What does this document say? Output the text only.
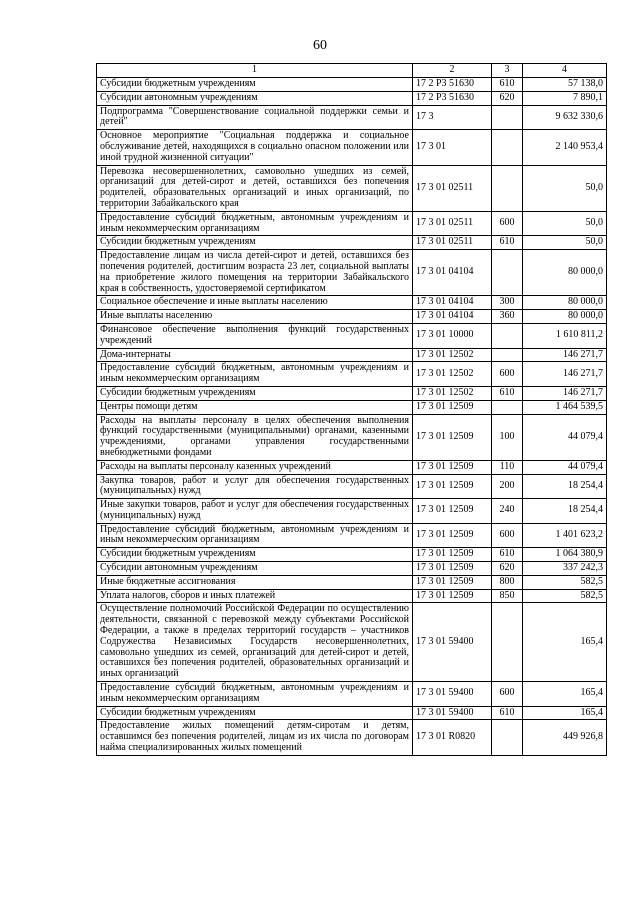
60
1	2	3	4
Субсидии бюджетным учреждениям	17 2 P3 51630	610	57 138,0
Субсидии автономным учреждениям	17 2 P3 51630	620	7 890,1
Подпрограмма "Совершенствование социальной поддержки семьи и детей"	17 3		9 632 330,6
Основное мероприятие "Социальная поддержка и социальное обслуживание детей, находящихся в социально опасном положении или иной трудной жизненной ситуации"	17 3 01		2 140 953,4
Перевозка несовершеннолетних, самовольно ушедших из семей, организаций для детей-сирот и детей, оставшихся без попечения родителей, образовательных организаций и иных организаций, по территории Забайкальского края	17 3 01 02511		50,0
Предоставление субсидий бюджетным, автономным учреждениям и иным некоммерческим организациям	17 3 01 02511	600	50,0
Субсидии бюджетным учреждениям	17 3 01 02511	610	50,0
Предоставление лицам из числа детей-сирот и детей, оставшихся без попечения родителей, достигшим возраста 23 лет, социальной выплаты на приобретение жилого помещения на территории Забайкальского края в собственность, удостоверяемой сертификатом	17 3 01 04104		80 000,0
Социальное обеспечение и иные выплаты населению	17 3 01 04104	300	80 000,0
Иные выплаты населению	17 3 01 04104	360	80 000,0
Финансовое обеспечение выполнения функций государственных учреждений	17 3 01 10000		1 610 811,2
Дома-интернаты	17 3 01 12502		146 271,7
Предоставление субсидий бюджетным, автономным учреждениям и иным некоммерческим организациям	17 3 01 12502	600	146 271,7
Субсидии бюджетным учреждениям	17 3 01 12502	610	146 271,7
Центры помощи детям	17 3 01 12509		1 464 539,5
Расходы на выплаты персоналу в целях обеспечения выполнения функций государственными (муниципальными) органами, казенными учреждениями, органами управления государственными внебюджетными фондами	17 3 01 12509	100	44 079,4
Расходы на выплаты персоналу казенных учреждений	17 3 01 12509	110	44 079,4
Закупка товаров, работ и услуг для обеспечения государственных (муниципальных) нужд	17 3 01 12509	200	18 254,4
Иные закупки товаров, работ и услуг для обеспечения государственных (муниципальных) нужд	17 3 01 12509	240	18 254,4
Предоставление субсидий бюджетным, автономным учреждениям и иным некоммерческим организациям	17 3 01 12509	600	1 401 623,2
Субсидии бюджетным учреждениям	17 3 01 12509	610	1 064 380,9
Субсидии автономным учреждениям	17 3 01 12509	620	337 242,3
Иные бюджетные ассигнования	17 3 01 12509	800	582,5
Уплата налогов, сборов и иных платежей	17 3 01 12509	850	582,5
Осуществление полномочий Российской Федерации по осуществлению деятельности, связанной с перевозкой между субъектами Российской Федерации, а также в пределах территорий государств – участников Содружества Независимых Государств несовершеннолетних, самовольно ушедших из семей, организаций для детей-сирот и детей, оставшихся без попечения родителей, образовательных организаций и иных организаций	17 3 01 59400		165,4
Предоставление субсидий бюджетным, автономным учреждениям и иным некоммерческим организациям	17 3 01 59400	600	165,4
Субсидии бюджетным учреждениям	17 3 01 59400	610	165,4
Предоставление жилых помещений детям-сиротам и детям, оставшимся без попечения родителей, лицам из их числа по договорам найма специализированных жилых помещений	17 3 01 R0820		449 926,8
